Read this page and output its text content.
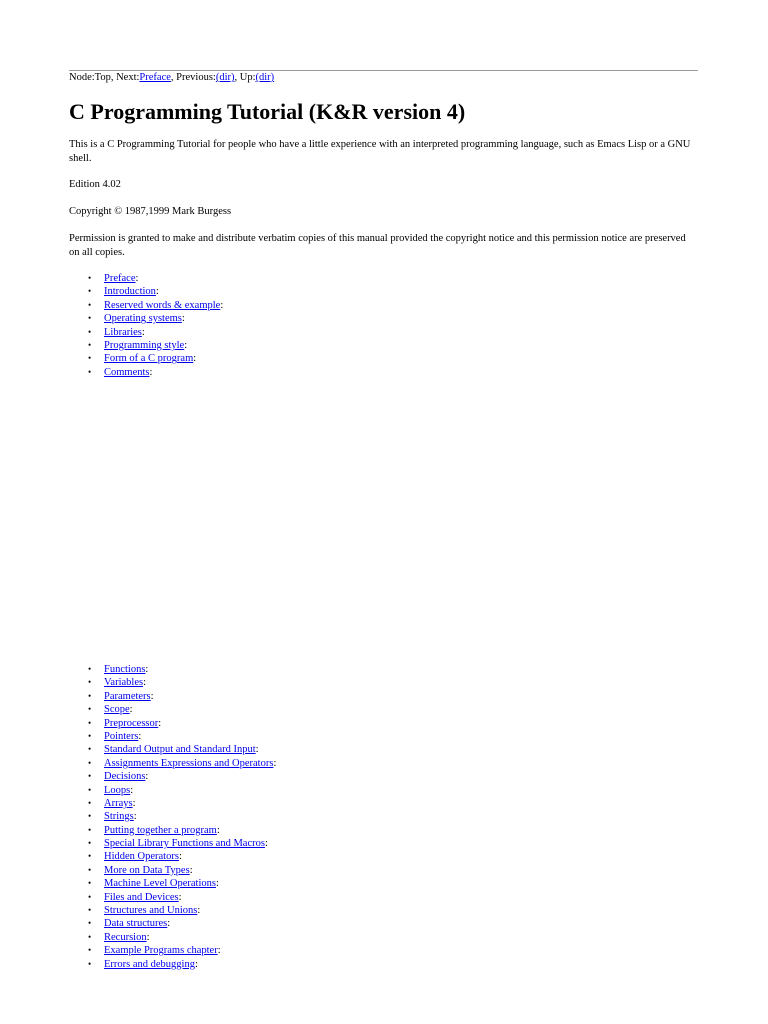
Node:Top, Next:Preface, Previous:(dir), Up:(dir)
C Programming Tutorial (K&R version 4)

This is a C Programming Tutorial for people who have a little experience with an interpreted programming language, such as Emacs Lisp or a GNU shell.

Edition 4.02

Copyright © 1987,1999 Mark Burgess

Permission is granted to make and distribute verbatim copies of this manual provided the copyright notice and this permission notice are preserved on all copies.

• Preface:
• Introduction:
• Reserved words & example:
• Operating systems:
• Libraries:
• Programming style:
• Form of a C program:
• Comments:
• Functions:
• Variables:
• Parameters:
• Scope:
• Preprocessor:
• Pointers:
• Standard Output and Standard Input:
• Assignments Expressions and Operators:
• Decisions:
• Loops:
• Arrays:
• Strings:
• Putting together a program:
• Special Library Functions and Macros:
• Hidden Operators:
• More on Data Types:
• Machine Level Operations:
• Files and Devices:
• Structures and Unions:
• Data structures:
• Recursion:
• Example Programs chapter:
• Errors and debugging:
